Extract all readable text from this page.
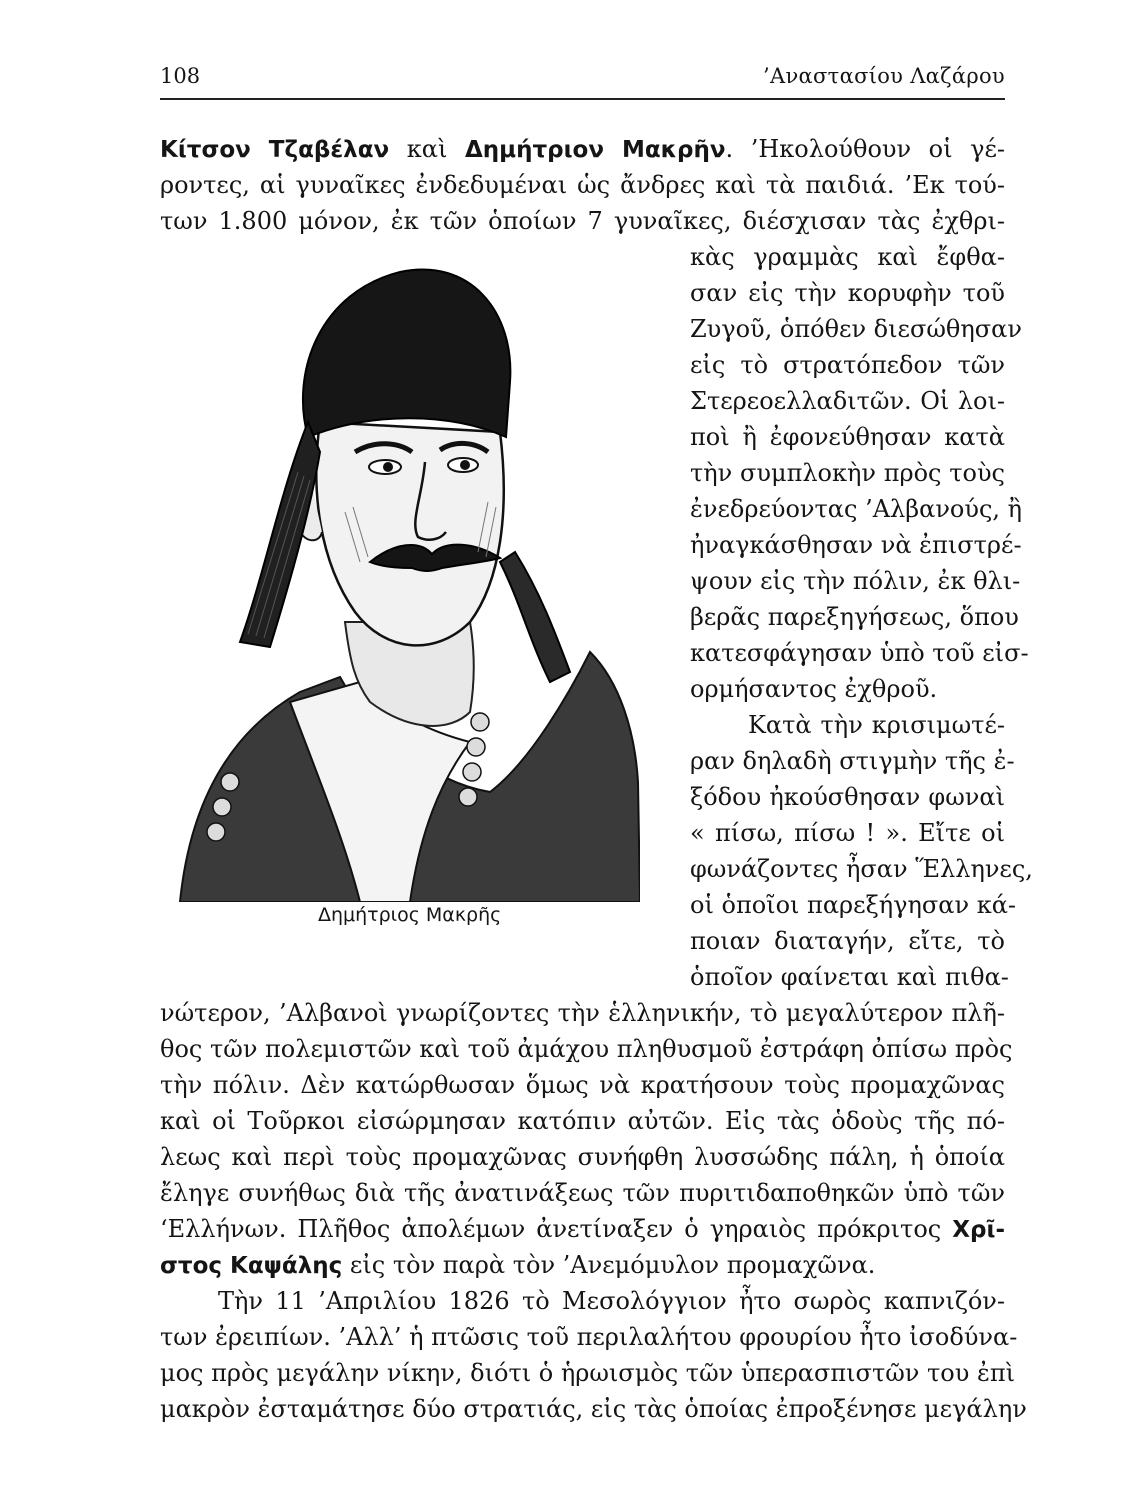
108	’Αναστασίου Λαζάρου
Κίτσον Τζαβέλαν καὶ Δημήτριον Μακρῆν. ’Ηκολούθουν οἱ γέ-
ροντες, αἱ γυναῖκες ἐνδεδυμέναι ὡς ἄνδρες καὶ τὰ παιδιά. ’Εκ τού-
των 1.800 μόνον, ἐκ τῶν ὁποίων 7 γυναῖκες, διέσχισαν τὰς ἐχθρι-
κὰς γραμμὰς καὶ ἔφθα-
σαν εἰς τὴν κορυφὴν τοῦ
Ζυγοῦ, ὁπόθεν διεσώθησαν
εἰς τὸ στρατόπεδον τῶν
Στερεοελλαδιτῶν. Οἱ λοι-
ποὶ ἢ ἐφονεύθησαν κατὰ
τὴν συμπλοκὴν πρὸς τοὺς
ἐνεδρεύοντας ’Αλβανούς, ἢ
ἠναγκάσθησαν νὰ ἐπιστρέ-
ψουν εἰς τὴν πόλιν, ἐκ θλι-
βερᾶς παρεξηγήσεως, ὅπου
κατεσφάγησαν ὑπὸ τοῦ εἰσ-
ορμήσαντος ἐχθροῦ.
Κατὰ τὴν κρισιμωτέ-
ραν δηλαδὴ στιγμὴν τῆς ἐ-
ξόδου ἠκούσθησαν φωναὶ
« πίσω, πίσω ! ». Εἴτε οἱ
φωνάζοντες ἦσαν Ἕλληνες,
οἱ ὁποῖοι παρεξήγησαν κά-
ποιαν διαταγήν, εἴτε, τὸ
ὁποῖον φαίνεται καὶ πιθα-
νώτερον, ’Αλβανοὶ γνωρίζοντες τὴν ἑλληνικήν, τὸ μεγαλύτερον πλῆ-
θος τῶν πολεμιστῶν καὶ τοῦ ἀμάχου πληθυσμοῦ ἐστράφη ὀπίσω πρὸς
τὴν πόλιν. Δὲν κατώρθωσαν ὅμως νὰ κρατήσουν τοὺς προμαχῶνας
καὶ οἱ Τοῦρκοι εἰσώρμησαν κατόπιν αὐτῶν. Εἰς τὰς ὁδοὺς τῆς πό-
λεως καὶ περὶ τοὺς προμαχῶνας συνήφθη λυσσώδης πάλη, ἡ ὁποία
ἔληγε συνήθως διὰ τῆς ἀνατινάξεως τῶν πυριτιδαποθηκῶν ὑπὸ τῶν
‘Ελλήνων. Πλῆθος ἀπολέμων ἀνετίναξεν ὁ γηραιὸς πρόκριτος Χρῖ-
στος Καψάλης εἰς τὸν παρὰ τὸν ’Ανεμόμυλον προμαχῶνα.
Τὴν 11 ’Απριλίου 1826 τὸ Μεσολόγγιον ἦτο σωρὸς καπνιζόν-
των ἐρειπίων. ’Αλλ’ ἡ πτῶσις τοῦ περιλαλήτου φρουρίου ἦτο ἰσοδύνα-
μος πρὸς μεγάλην νίκην, διότι ὁ ἡρωισμὸς τῶν ὑπερασπιστῶν του ἐπὶ
μακρὸν ἐσταμάτησε δύο στρατιάς, εἰς τὰς ὁποίας ἐπροξένησε μεγάλην
Δημήτριος Μακρῆς
